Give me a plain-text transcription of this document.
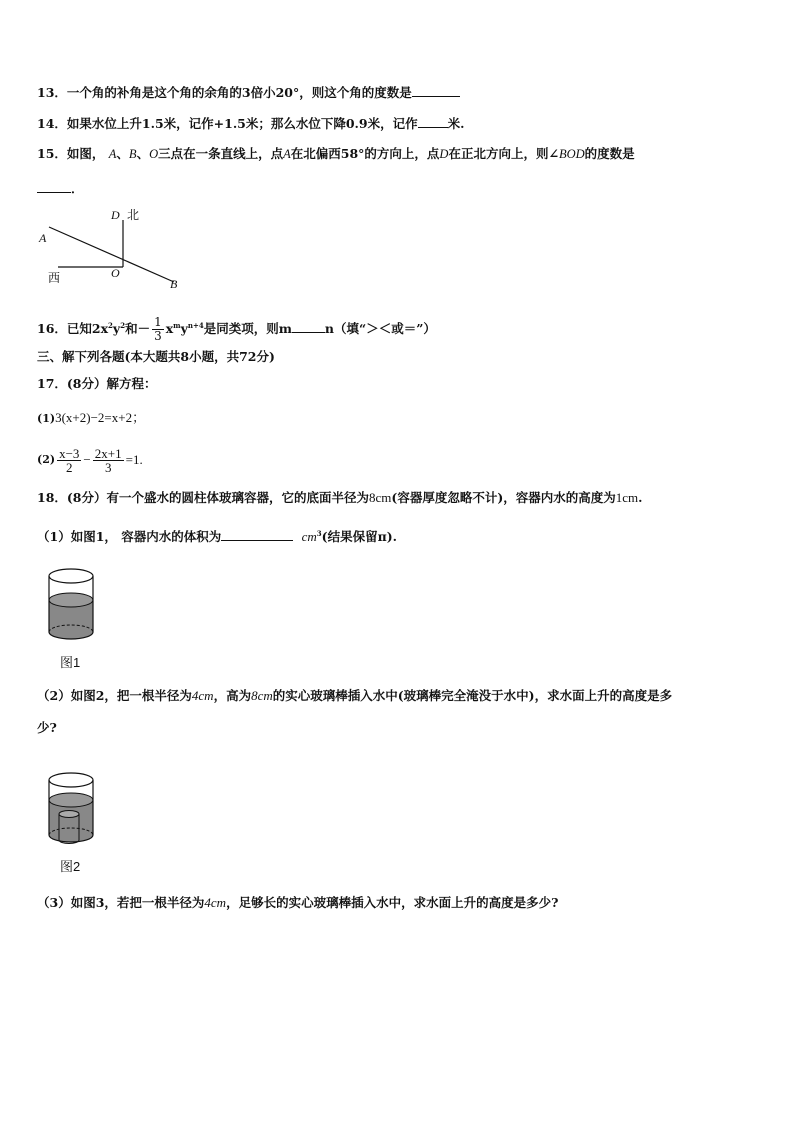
13．一个角的补角是这个角的余角的3倍小20°，则这个角的度数是
14．如果水位上升1.5米，记作+1.5米；那么水位下降0.9米，记作 米.
15．如图， A、B、O三点在一条直线上，点A在北偏西58°的方向上，点D在正北方向上，则∠BOD的度数是
．
A
D 北
西	O
B
16．已知$2x^2y^2$和－ $\frac{1}{3} x^my^{n+4}$是同类项，则m	n（填“＞＜或＝”）
三、解下列各题(本大题共8小题，共72分)
17．(8分）解方程：
(1)3(x+2)−2=x+2；
$(2) \frac{x-3}{2} - \frac{2x+1}{3} =1$.
18．(8分）有一个盛水的圆柱体玻璃容器，它的底面半径为8cm(容器厚度忽略不计)，容器内水的高度为1cm.
（1）如图1， 容器内水的体积为	$cm^3$(结果保留π).
图1
（2）如图2，把一根半径为4cm，高为8cm的实心玻璃棒插入水中(玻璃棒完全淹没于水中)，求水面上升的高度是多
少?
图2
（3）如图3，若把一根半径为4cm，足够长的实心玻璃棒插入水中，求水面上升的高度是多少?
